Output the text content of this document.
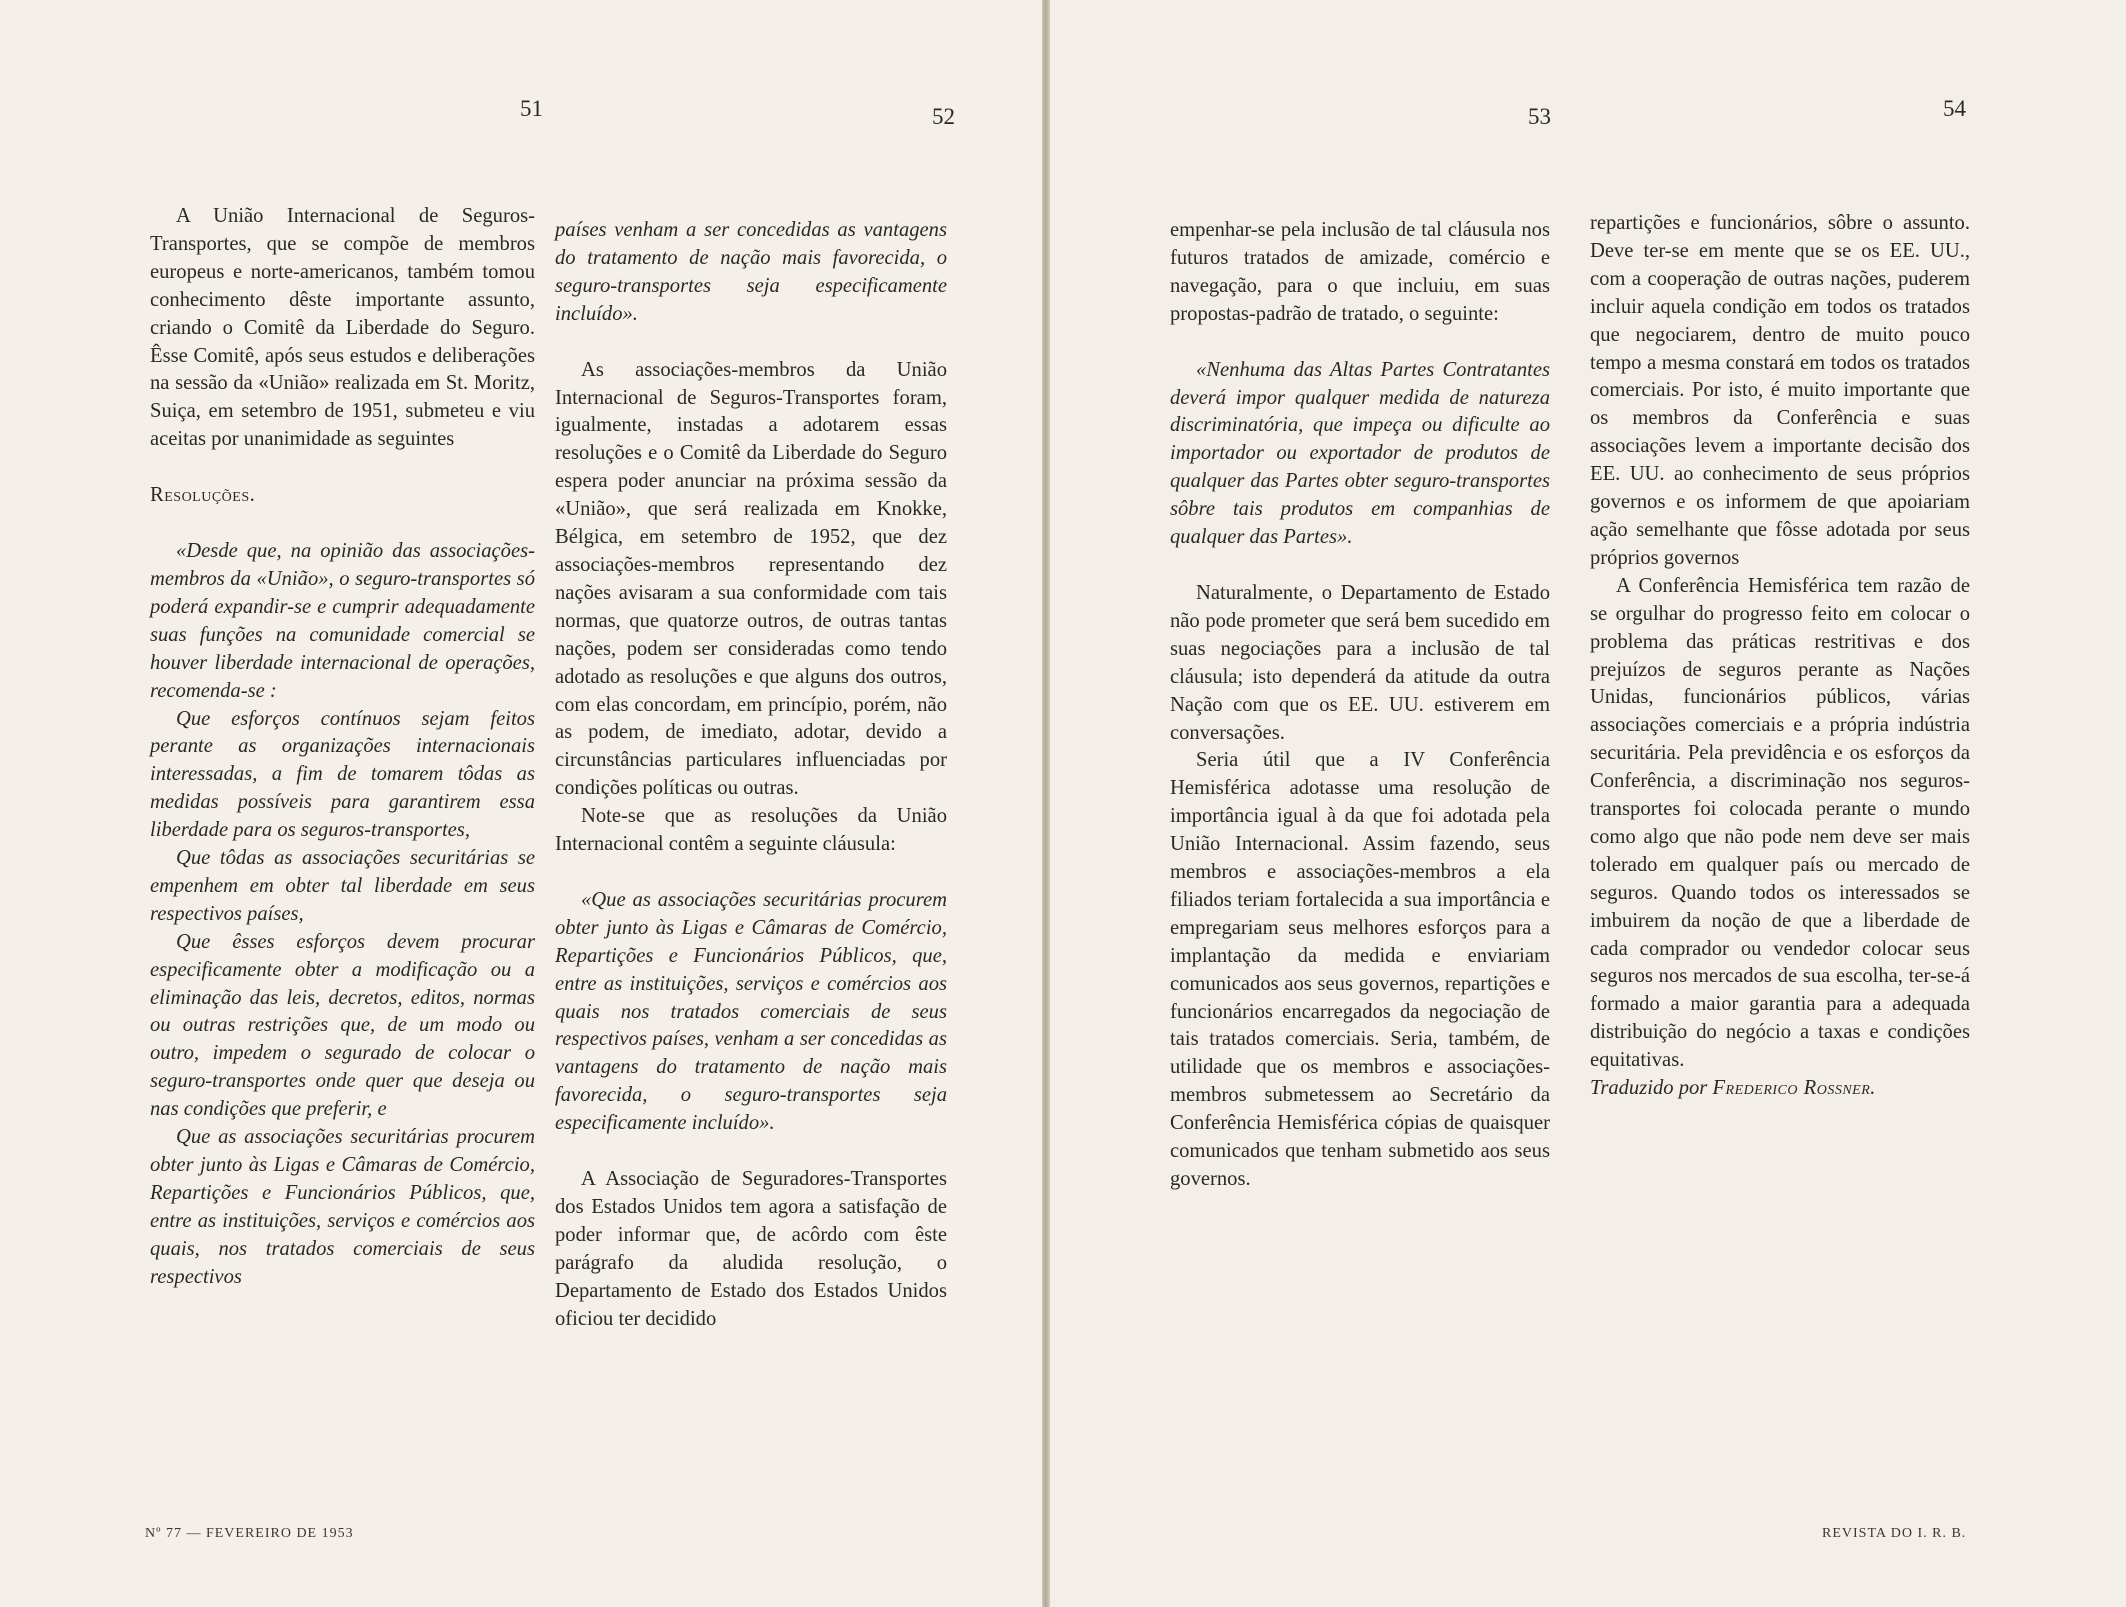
51	52

A União Internacional de Seguros-Transportes, que se compõe de membros europeus e norte-americanos, também tomou conhecimento dêste importante assunto, criando o Comitê da Liberdade do Seguro. Êsse Comitê, após seus estudos e deliberações na sessão da «União» realizada em St. Moritz, Suiça, em setembro de 1951, submeteu e viu aceitas por unanimidade as seguintes

Resoluções.

«Desde que, na opinião das associações-membros da «União», o seguro-transportes só poderá expandir-se e cumprir adequadamente suas funções na comunidade comercial se houver liberdade internacional de operações, recomenda-se :

Que esforços contínuos sejam feitos perante as organizações internacionais interessadas, a fim de tomarem tôdas as medidas possíveis para garantirem essa liberdade para os seguros-transportes,

Que tôdas as associações securitárias se empenhem em obter tal liberdade em seus respectivos países,

Que êsses esforços devem procurar especificamente obter a modificação ou a eliminação das leis, decretos, editos, normas ou outras restrições que, de um modo ou outro, impedem o segurado de colocar o seguro-transportes onde quer que deseja ou nas condições que preferir, e

Que as associações securitárias procurem obter junto às Ligas e Câmaras de Comércio, Repartições e Funcionários Públicos, que, entre as instituições, serviços e comércios aos quais, nos tratados comerciais de seus respectivos

países venham a ser concedidas as vantagens do tratamento de nação mais favorecida, o seguro-transportes seja especificamente incluído».

As associações-membros da União Internacional de Seguros-Transportes foram, igualmente, instadas a adotarem essas resoluções e o Comitê da Liberdade do Seguro espera poder anunciar na próxima sessão da «União», que será realizada em Knokke, Bélgica, em setembro de 1952, que dez associações-membros representando dez nações avisaram a sua conformidade com tais normas, que quatorze outros, de outras tantas nações, podem ser consideradas como tendo adotado as resoluções e que alguns dos outros, com elas concordam, em princípio, porém, não as podem, de imediato, adotar, devido a circunstâncias particulares influenciadas por condições políticas ou outras.

Note-se que as resoluções da União Internacional contêm a seguinte cláusula:

«Que as associações securitárias procurem obter junto às Ligas e Câmaras de Comércio, Repartições e Funcionários Públicos, que, entre as instituições, serviços e comércios aos quais nos tratados comerciais de seus respectivos países, venham a ser concedidas as vantagens do tratamento de nação mais favorecida, o seguro-transportes seja especificamente incluído».

A Associação de Seguradores-Transportes dos Estados Unidos tem agora a satisfação de poder informar que, de acôrdo com êste parágrafo da aludida resolução, o Departamento de Estado dos Estados Unidos oficiou ter decidido

Nº 77 — FEVEREIRO DE 1953
53	54

empenhar-se pela inclusão de tal cláusula nos futuros tratados de amizade, comércio e navegação, para o que incluiu, em suas propostas-padrão de tratado, o seguinte:

«Nenhuma das Altas Partes Contratantes deverá impor qualquer medida de natureza discriminatória, que impeça ou dificulte ao importador ou exportador de produtos de qualquer das Partes obter seguro-transportes sôbre tais produtos em companhias de qualquer das Partes».

Naturalmente, o Departamento de Estado não pode prometer que será bem sucedido em suas negociações para a inclusão de tal cláusula; isto dependerá da atitude da outra Nação com que os EE. UU. estiverem em conversações.

Seria útil que a IV Conferência Hemisférica adotasse uma resolução de importância igual à da que foi adotada pela União Internacional. Assim fazendo, seus membros e associações-membros a ela filiados teriam fortalecida a sua importância e empregariam seus melhores esforços para a implantação da medida e enviariam comunicados aos seus governos, repartições e funcionários encarregados da negociação de tais tratados comerciais. Seria, também, de utilidade que os membros e associações-membros submetessem ao Secretário da Conferência Hemisférica cópias de quaisquer comunicados que tenham submetido aos seus governos.

repartições e funcionários, sôbre o assunto. Deve ter-se em mente que se os EE. UU., com a cooperação de outras nações, puderem incluir aquela condição em todos os tratados que negociarem, dentro de muito pouco tempo a mesma constará em todos os tratados comerciais. Por isto, é muito importante que os membros da Conferência e suas associações levem a importante decisão dos EE. UU. ao conhecimento de seus próprios governos e os informem de que apoiariam ação semelhante que fôsse adotada por seus próprios governos

A Conferência Hemisférica tem razão de se orgulhar do progresso feito em colocar o problema das práticas restritivas e dos prejuízos de seguros perante as Nações Unidas, funcionários públicos, várias associações comerciais e a própria indústria securitária. Pela previdência e os esforços da Conferência, a discriminação nos seguros-transportes foi colocada perante o mundo como algo que não pode nem deve ser mais tolerado em qualquer país ou mercado de seguros. Quando todos os interessados se imbuirem da noção de que a liberdade de cada comprador ou vendedor colocar seus seguros nos mercados de sua escolha, ter-se-á formado a maior garantia para a adequada distribuição do negócio a taxas e condições equitativas.

Traduzido por Frederico Rossner.

REVISTA DO I. R. B.
